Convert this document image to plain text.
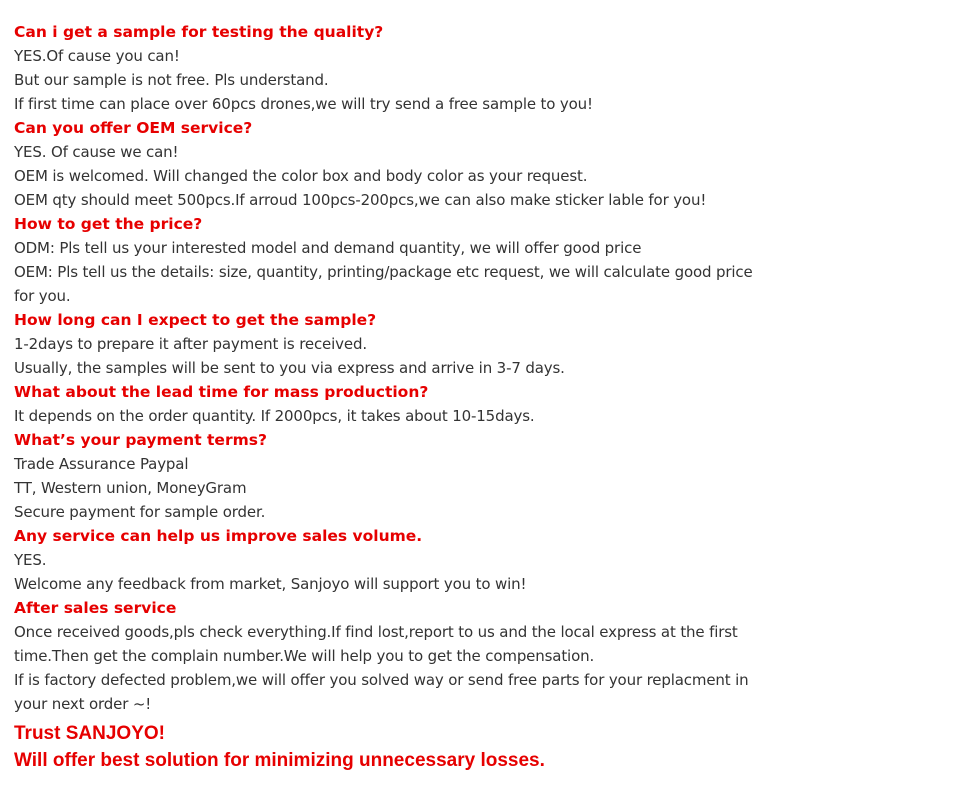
Can i get a sample for testing the quality?
YES.Of cause you can!
But our sample is not free. Pls understand.
If first time can place over 60pcs drones,we will try send a free sample to you!
Can you offer OEM service?
YES. Of cause we can!
OEM is welcomed. Will changed the color box and body color as your request.
OEM qty should meet 500pcs.If arroud 100pcs-200pcs,we can also make sticker lable for you!
How to get the price?
ODM: Pls tell us your interested model and demand quantity, we will offer good price
OEM: Pls tell us the details: size, quantity, printing/package etc request, we will calculate good price for you.
How long can I expect to get the sample?
1-2days to prepare it after payment is received.
Usually, the samples will be sent to you via express and arrive in 3-7 days.
What about the lead time for mass production?
It depends on the order quantity. If 2000pcs, it takes about 10-15days.
What’s your payment terms?
Trade Assurance Paypal
TT, Western union, MoneyGram
Secure payment for sample order.
Any service can help us improve sales volume.
YES.
Welcome any feedback from market, Sanjoyo will support you to win!
After sales service
Once received goods,pls check everything.If find lost,report to us and the local express at the first time.Then get the complain number.We will help you to get the compensation.
If is factory defected problem,we will offer you solved way or send free parts for your replacment in your next order ~!
Trust SANJOYO!
Will offer best solution for minimizing unnecessary losses.
